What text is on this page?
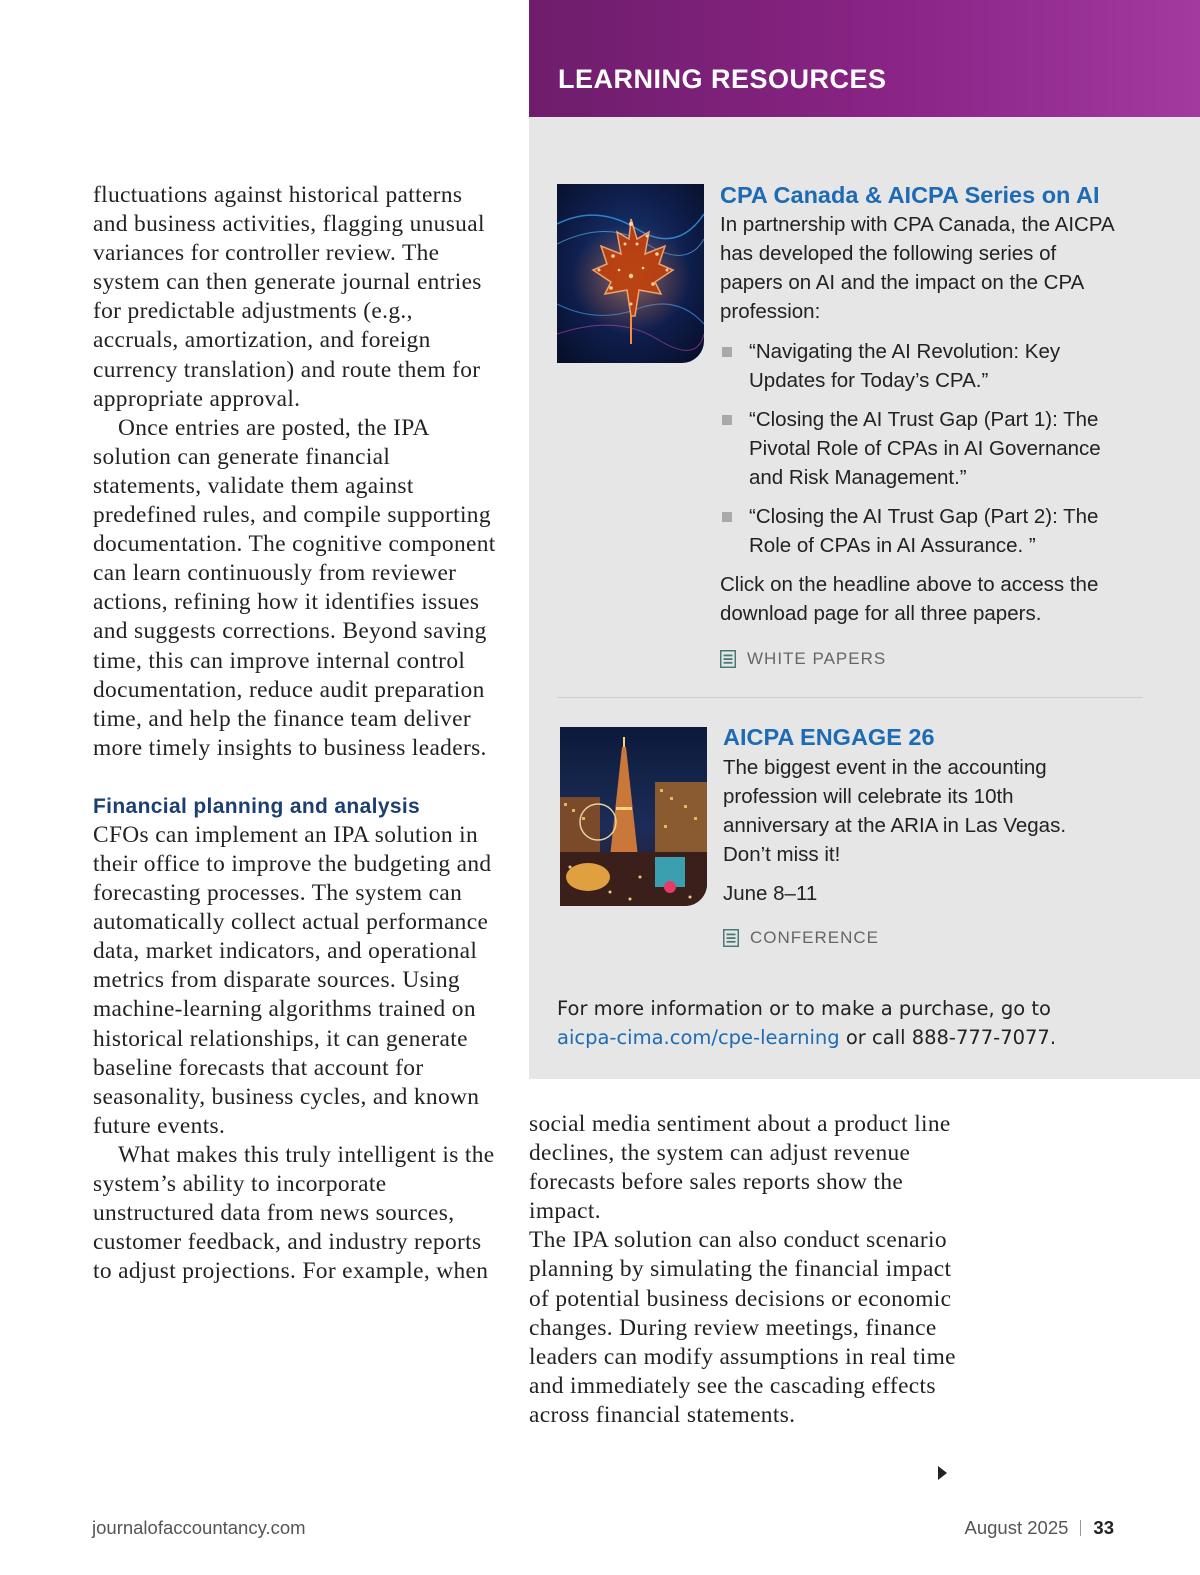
fluctuations against historical patterns and business activities, flagging unusual variances for controller review. The system can then generate journal entries for predictable adjustments (e.g., accruals, amortization, and foreign currency translation) and route them for appropriate approval.

Once entries are posted, the IPA solution can generate financial statements, validate them against predefined rules, and compile supporting documentation. The cognitive component can learn continuously from reviewer actions, refining how it identifies issues and suggests corrections. Beyond saving time, this can improve internal control documentation, reduce audit preparation time, and help the finance team deliver more timely insights to business leaders.

Financial planning and analysis

CFOs can implement an IPA solution in their office to improve the budgeting and forecasting processes. The system can automatically collect actual performance data, market indicators, and operational metrics from disparate sources. Using machine-learning algorithms trained on historical relationships, it can generate baseline forecasts that account for seasonality, business cycles, and known future events.

What makes this truly intelligent is the system’s ability to incorporate unstructured data from news sources, customer feedback, and industry reports to adjust projections. For example, when

LEARNING RESOURCES
CPA Canada & AICPA Series on AI

In partnership with CPA Canada, the AICPA has developed the following series of papers on AI and the impact on the CPA profession:

“Navigating the AI Revolution: Key Updates for Today’s CPA.”
“Closing the AI Trust Gap (Part 1): The Pivotal Role of CPAs in AI Governance and Risk Management.”
“Closing the AI Trust Gap (Part 2): The Role of CPAs in AI Assurance. ”

Click on the headline above to access the download page for all three papers.

WHITE PAPERS
AICPA ENGAGE 26

The biggest event in the accounting profession will celebrate its 10th anniversary at the ARIA in Las Vegas. Don’t miss it!

June 8–11

CONFERENCE
For more information or to make a purchase, go to
aicpa-cima.com/cpe-learning or call 888-777-7077.

social media sentiment about a product line declines, the system can adjust revenue forecasts before sales reports show the impact.

The IPA solution can also conduct scenario planning by simulating the financial impact of potential business decisions or economic changes. During review meetings, finance leaders can modify assumptions in real time and immediately see the cascading effects across financial statements.

journalofaccountancy.com	August 2025 33
